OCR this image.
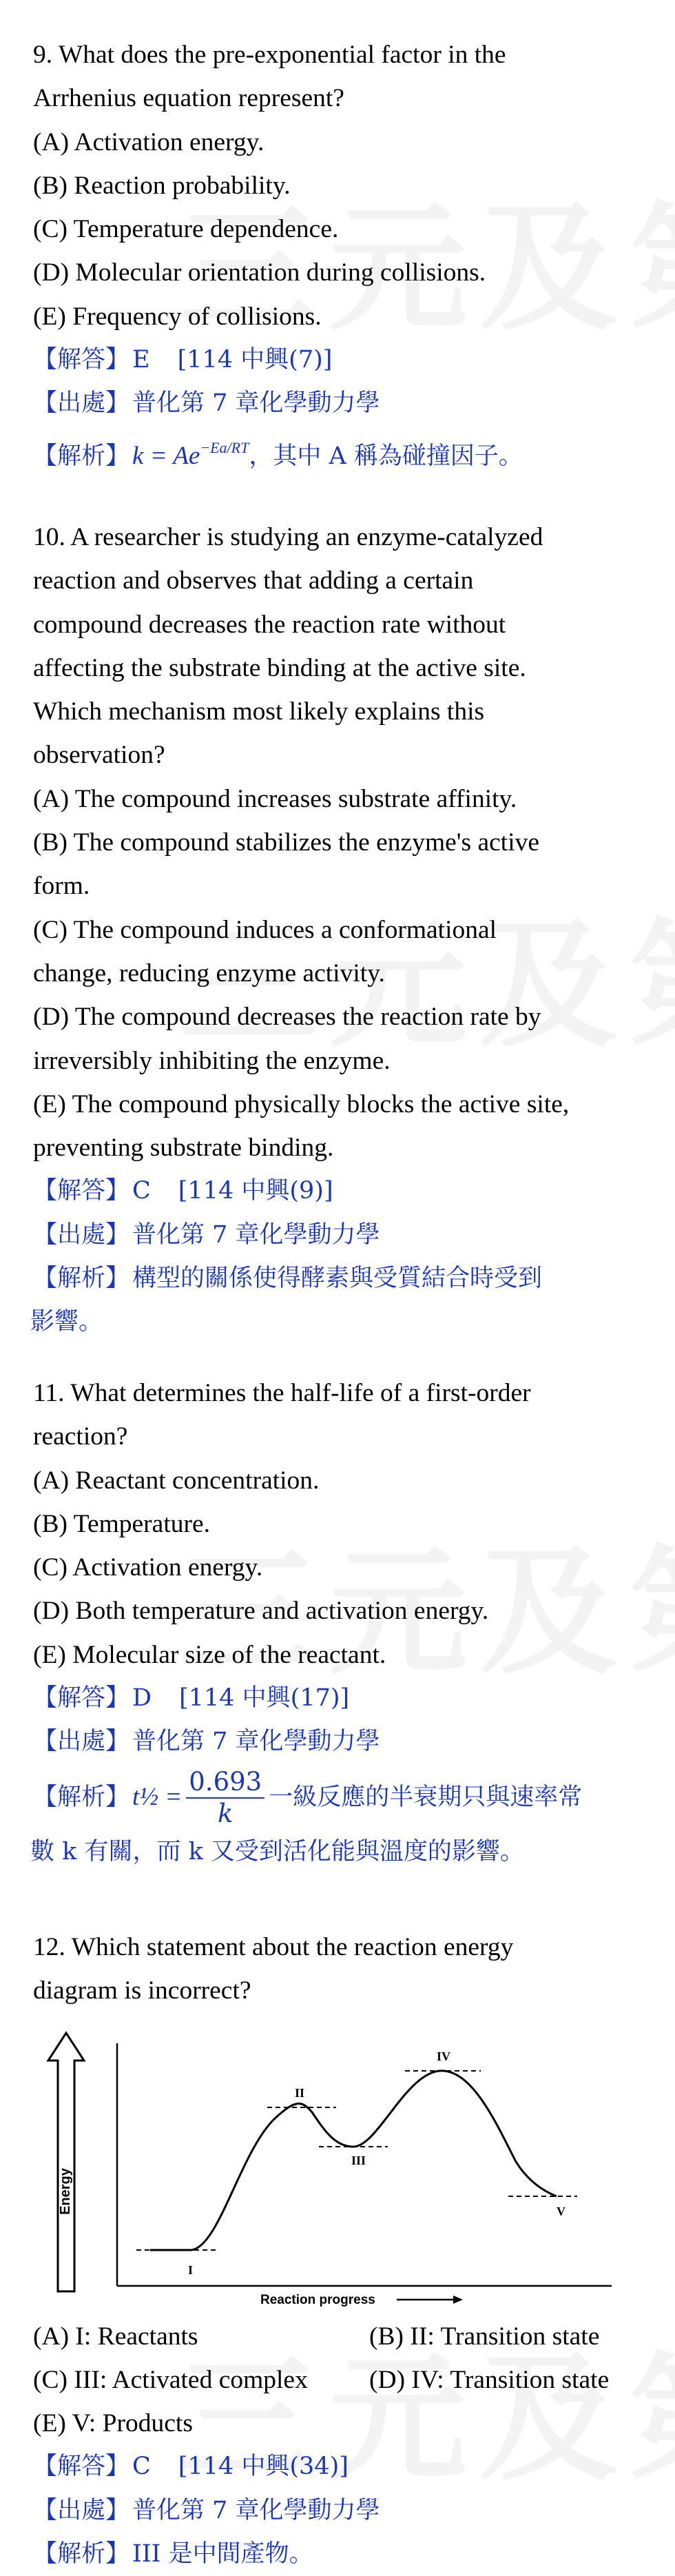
9. What does the pre-exponential factor in the
Arrhenius equation represent?
(A) Activation energy.
(B) Reaction probability.
(C) Temperature dependence.
(D) Molecular orientation during collisions.
(E) Frequency of collisions.
【解答】 E [114 中興(7)]
【出處】 普化第 7 章化學動力學
【解析】 $k = Ae^{-Ea/RT}$，其中 A 稱為碰撞因子。
10. A researcher is studying an enzyme-catalyzed
reaction and observes that adding a certain
compound decreases the reaction rate without
affecting the substrate binding at the active site.
Which mechanism most likely explains this
observation?
(A) The compound increases substrate affinity.
(B) The compound stabilizes the enzyme's active
form.
(C) The compound induces a conformational
change, reducing enzyme activity.
(D) The compound decreases the reaction rate by
irreversibly inhibiting the enzyme.
(E) The compound physically blocks the active site,
preventing substrate binding.
【解答】 C [114 中興(9)]
【出處】 普化第 7 章化學動力學
【解析】 構型的關係使得酵素與受質結合時受到
影響。
11. What determines the half-life of a first-order
reaction?
(A) Reactant concentration.
(B) Temperature.
(C) Activation energy.
(D) Both temperature and activation energy.
(E) Molecular size of the reactant.
【解答】 D [114 中興(17)]
【出處】 普化第 7 章化學動力學
【解析】 t½ = $\frac{0.693}{k}$ 一級反應的半衰期只與速率常
數 k 有關，而 k 又受到活化能與溫度的影響。
12. Which statement about the reaction energy
diagram is incorrect?
Energy
I
II
III
IV
V
Reaction progress
(A) I: Reactants	(B) II: Transition state
(C) III: Activated complex	(D) IV: Transition state
(E) V: Products
【解答】 C [114 中興(34)]
【出處】 普化第 7 章化學動力學
【解析】 III 是中間產物。
